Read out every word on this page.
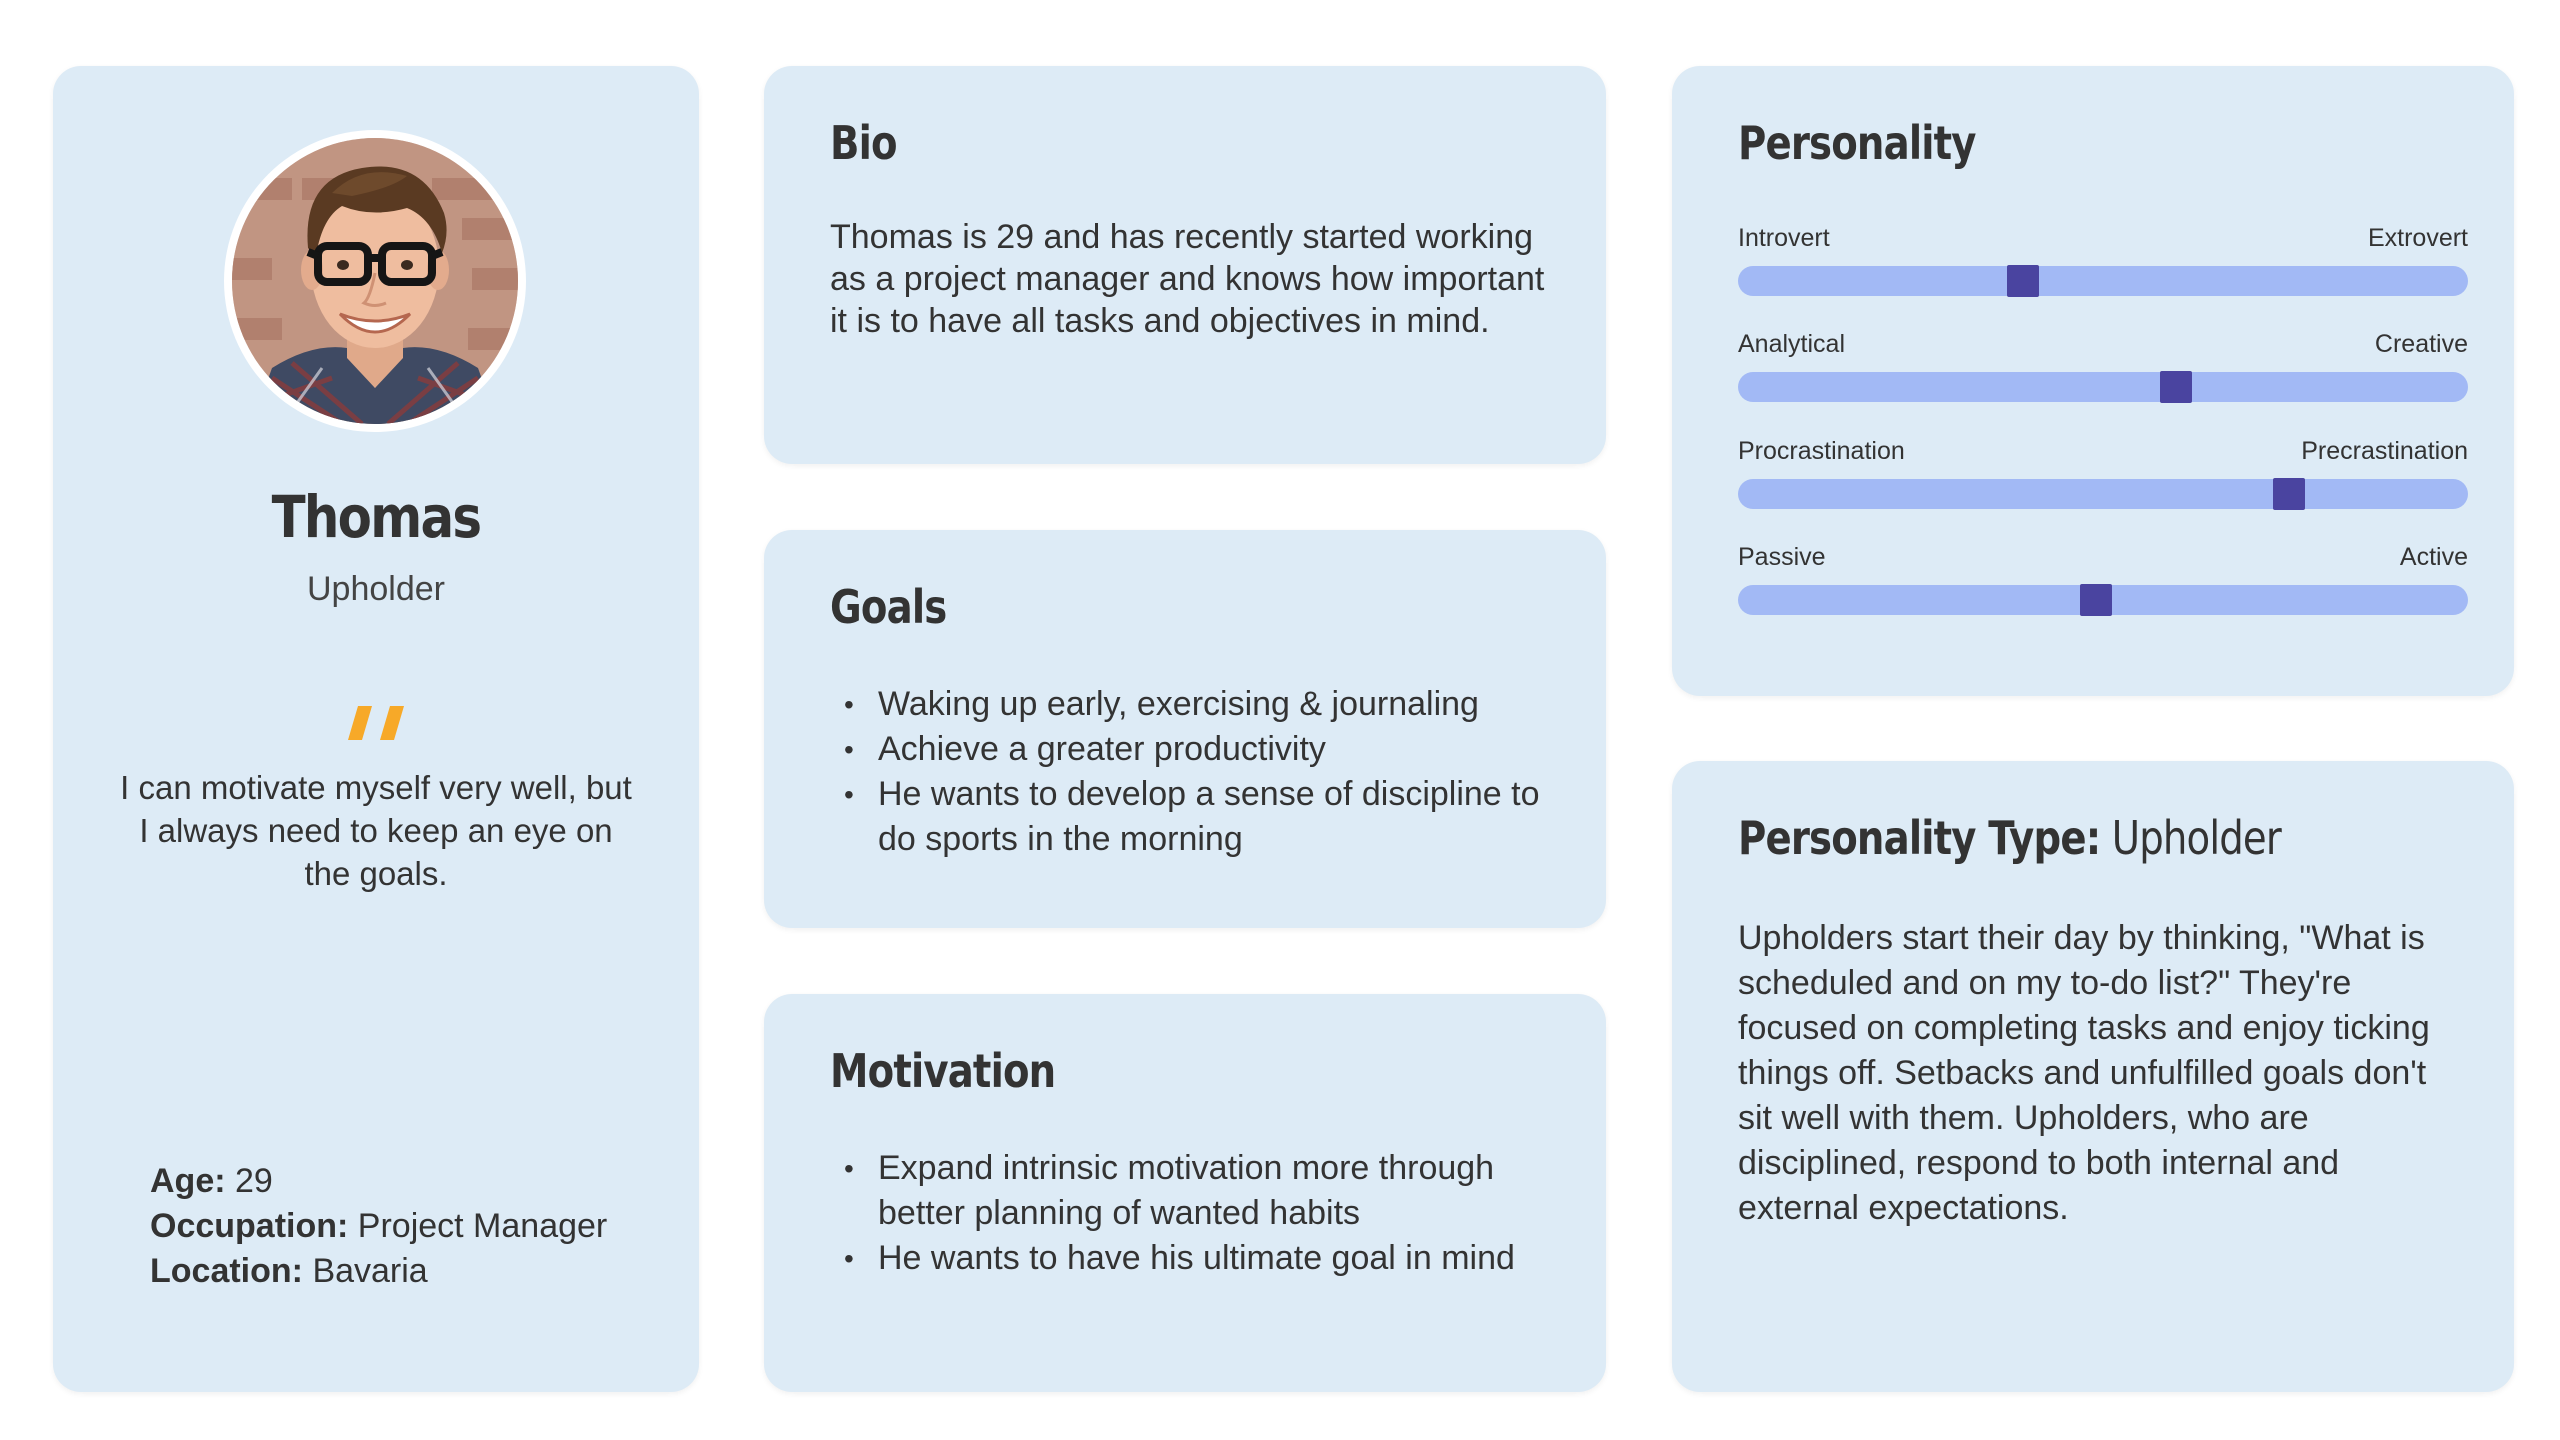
Thomas
Upholder
I can motivate myself very well, but I always need to keep an eye on the goals.
Age: 29
Occupation: Project Manager
Location: Bavaria
Bio
Thomas is 29 and has recently started working as a project manager and knows how important it is to have all tasks and objectives in mind.
Goals
• Waking up early, exercising & journaling
• Achieve a greater productivity
• He wants to develop a sense of discipline to do sports in the morning
Motivation
• Expand intrinsic motivation more through better planning of wanted habits
• He wants to have his ultimate goal in mind
Personality
Introvert	Extrovert
Analytical	Creative
Procrastination	Precrastination
Passive	Active
Personality Type: Upholder
Upholders start their day by thinking, "What is scheduled and on my to-do list?" They're focused on completing tasks and enjoy ticking things off. Setbacks and unfulfilled goals don't sit well with them. Upholders, who are disciplined, respond to both internal and external expectations.
